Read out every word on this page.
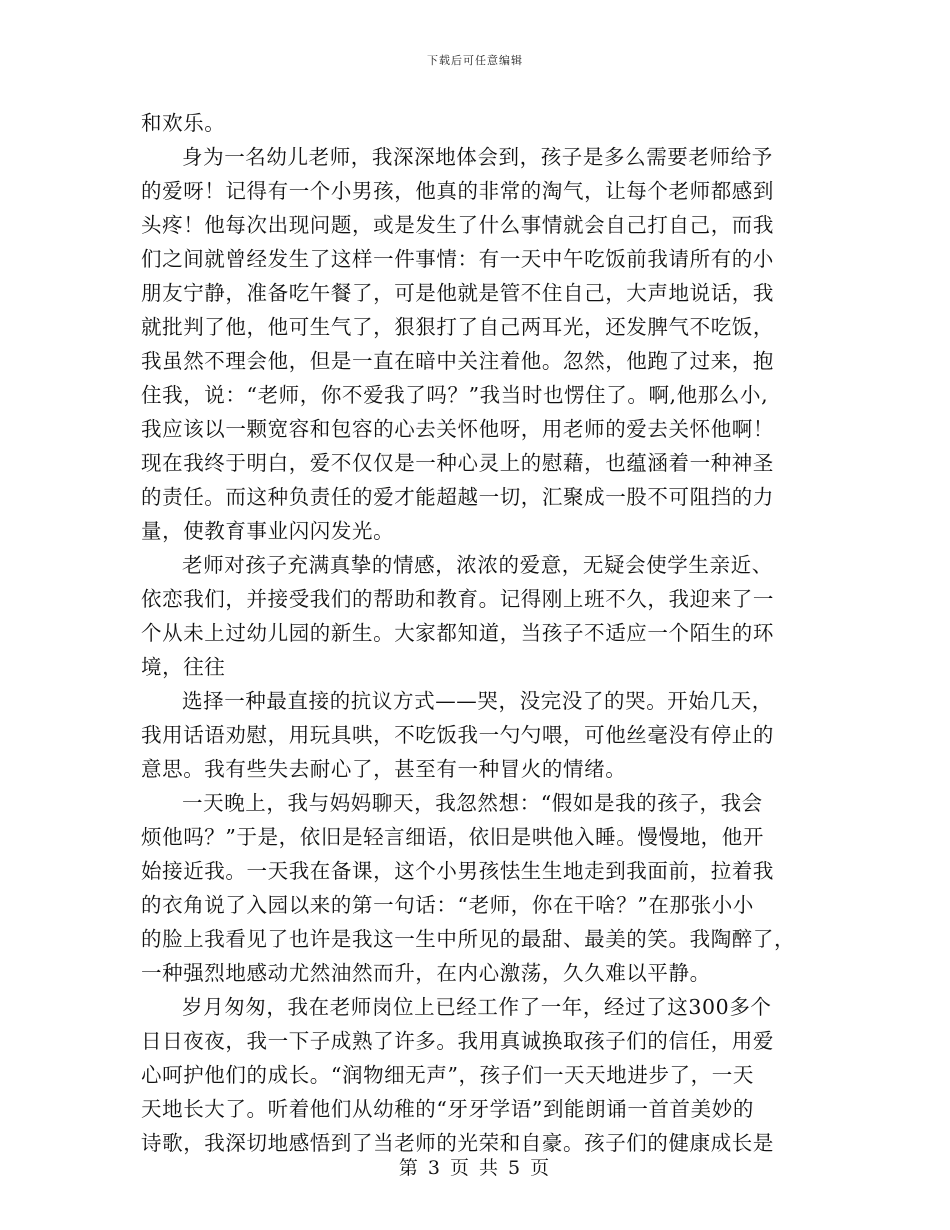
下载后可任意编辑

和欢乐。

身为一名幼儿老师，我深深地体会到，孩子是多么需要老师给予

的爱呀！记得有一个小男孩，他真的非常的淘气，让每个老师都感到

头疼！他每次出现问题，或是发生了什么事情就会自己打自己，而我

们之间就曾经发生了这样一件事情：有一天中午吃饭前我请所有的小

朋友宁静，准备吃午餐了，可是他就是管不住自己，大声地说话，我

就批判了他，他可生气了，狠狠打了自己两耳光，还发脾气不吃饭，

我虽然不理会他，但是一直在暗中关注着他。忽然，他跑了过来，抱

住我，说：“老师，你不爱我了吗？”我当时也愣住了。啊,他那么小,

我应该以一颗宽容和包容的心去关怀他呀，用老师的爱去关怀他啊！

现在我终于明白，爱不仅仅是一种心灵上的慰藉，也蕴涵着一种神圣

的责任。而这种负责任的爱才能超越一切，汇聚成一股不可阻挡的力

量，使教育事业闪闪发光。

老师对孩子充满真挚的情感，浓浓的爱意，无疑会使学生亲近、

依恋我们，并接受我们的帮助和教育。记得刚上班不久，我迎来了一

个从未上过幼儿园的新生。大家都知道，当孩子不适应一个陌生的环

境，往往

选择一种最直接的抗议方式——哭，没完没了的哭。开始几天，

我用话语劝慰，用玩具哄，不吃饭我一勺勺喂，可他丝毫没有停止的

意思。我有些失去耐心了，甚至有一种冒火的情绪。

一天晚上，我与妈妈聊天，我忽然想：“假如是我的孩子，我会

烦他吗？”于是，依旧是轻言细语，依旧是哄他入睡。慢慢地，他开

始接近我。一天我在备课，这个小男孩怯生生地走到我面前，拉着我

的衣角说了入园以来的第一句话：“老师，你在干啥？”在那张小小

的脸上我看见了也许是我这一生中所见的最甜、最美的笑。我陶醉了，

一种强烈地感动尤然油然而升，在内心激荡，久久难以平静。

岁月匆匆，我在老师岗位上已经工作了一年，经过了这300多个

日日夜夜，我一下子成熟了许多。我用真诚换取孩子们的信任，用爱

心呵护他们的成长。“润物细无声”，孩子们一天天地进步了，一天

天地长大了。听着他们从幼稚的“牙牙学语”到能朗诵一首首美妙的

诗歌，我深切地感悟到了当老师的光荣和自豪。孩子们的健康成长是

第 3 页 共 5 页
